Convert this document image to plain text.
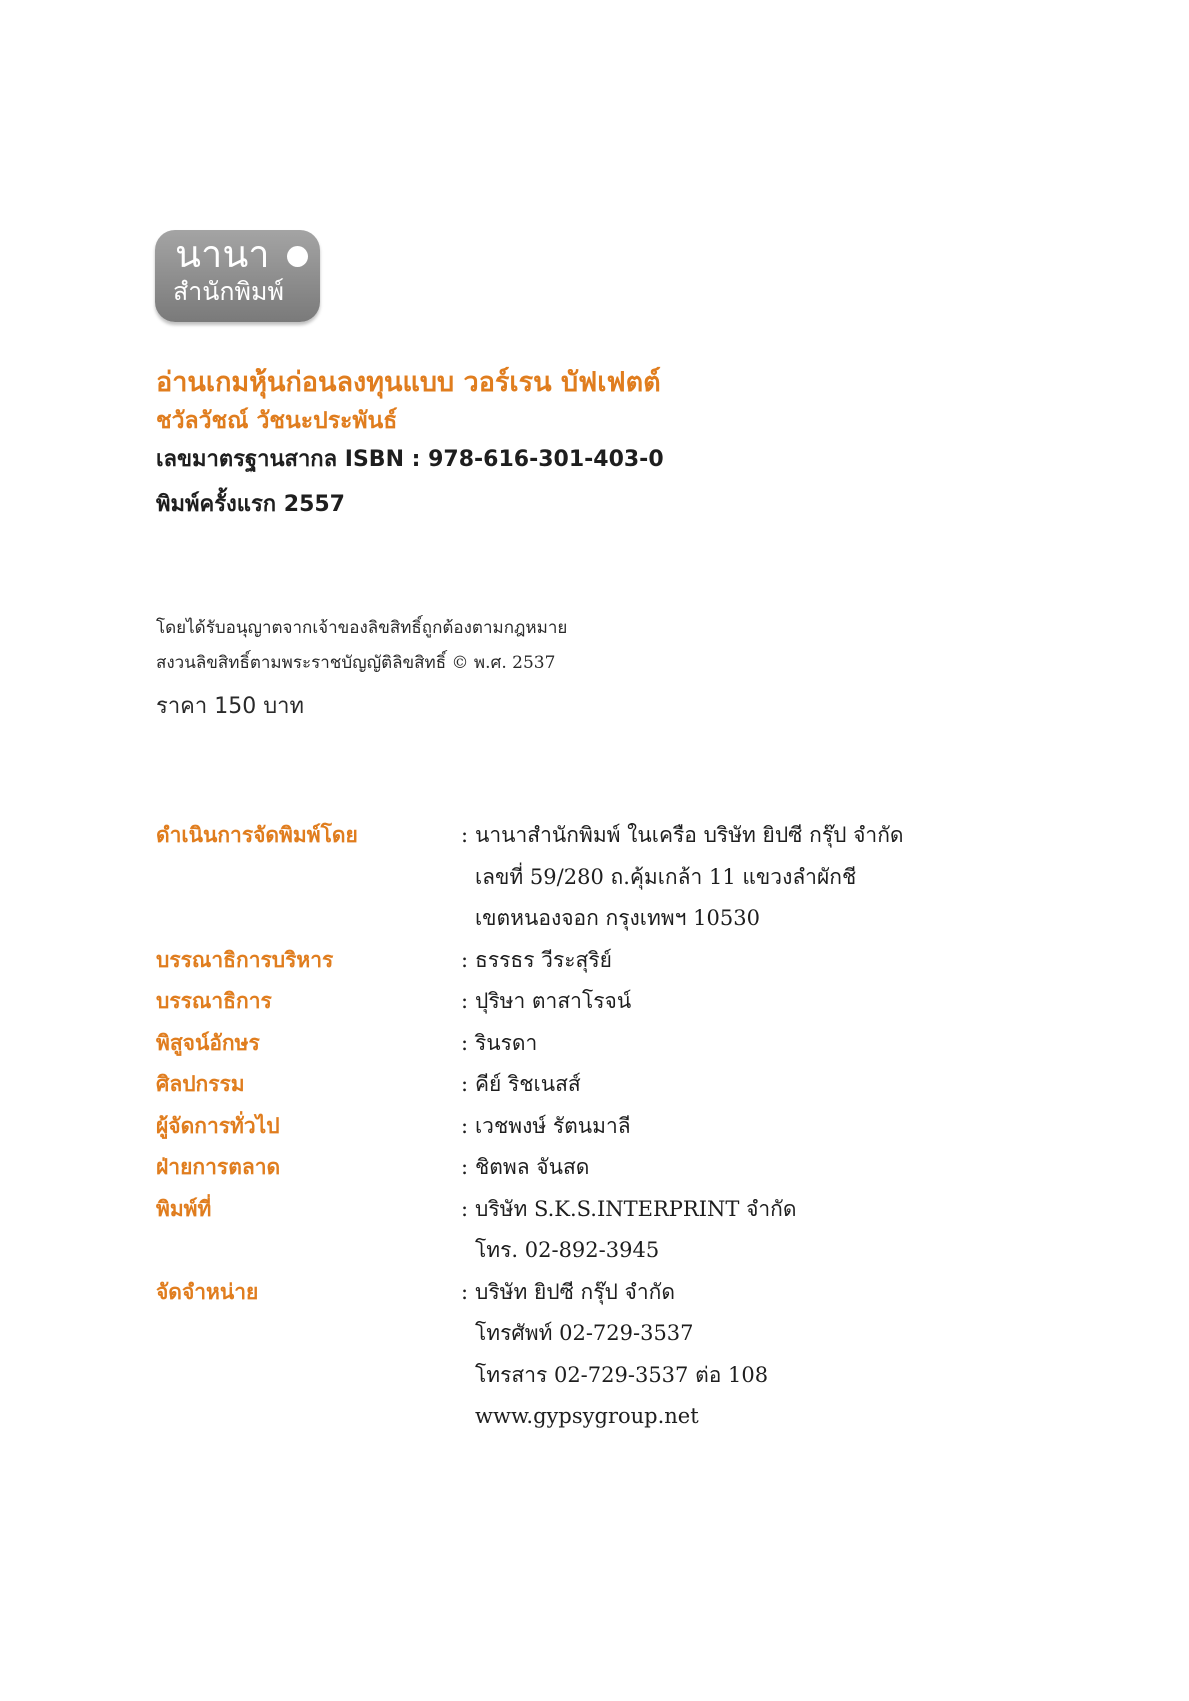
นานา
สำนักพิมพ์
อ่านเกมหุ้นก่อนลงทุนแบบ วอร์เรน บัฟเฟตต์
ชวัลวัชณ์ วัชนะประพันธ์
เลขมาตรฐานสากล ISBN : 978-616-301-403-0
พิมพ์ครั้งแรก 2557
โดยได้รับอนุญาตจากเจ้าของลิขสิทธิ์ถูกต้องตามกฎหมาย
สงวนลิขสิทธิ์ตามพระราชบัญญัติลิขสิทธิ์ © พ.ศ. 2537
ราคา 150 บาท
ดำเนินการจัดพิมพ์โดย	: นานาสำนักพิมพ์ ในเครือ บริษัท ยิปซี กรุ๊ป จำกัด
เลขที่ 59/280 ถ.คุ้มเกล้า 11 แขวงลำผักชี
เขตหนองจอก กรุงเทพฯ 10530
บรรณาธิการบริหาร	: ธรรธร วีระสุริย์
บรรณาธิการ	: ปุริษา ตาสาโรจน์
พิสูจน์อักษร	: รินรดา
ศิลปกรรม	: คีย์ ริชเนสส์
ผู้จัดการทั่วไป	: เวชพงษ์ รัตนมาลี
ฝ่ายการตลาด	: ชิตพล จันสด
พิมพ์ที่	: บริษัท S.K.S.INTERPRINT จำกัด
โทร. 02-892-3945
จัดจำหน่าย	: บริษัท ยิปซี กรุ๊ป จำกัด
โทรศัพท์ 02-729-3537
โทรสาร 02-729-3537 ต่อ 108
www.gypsygroup.net
